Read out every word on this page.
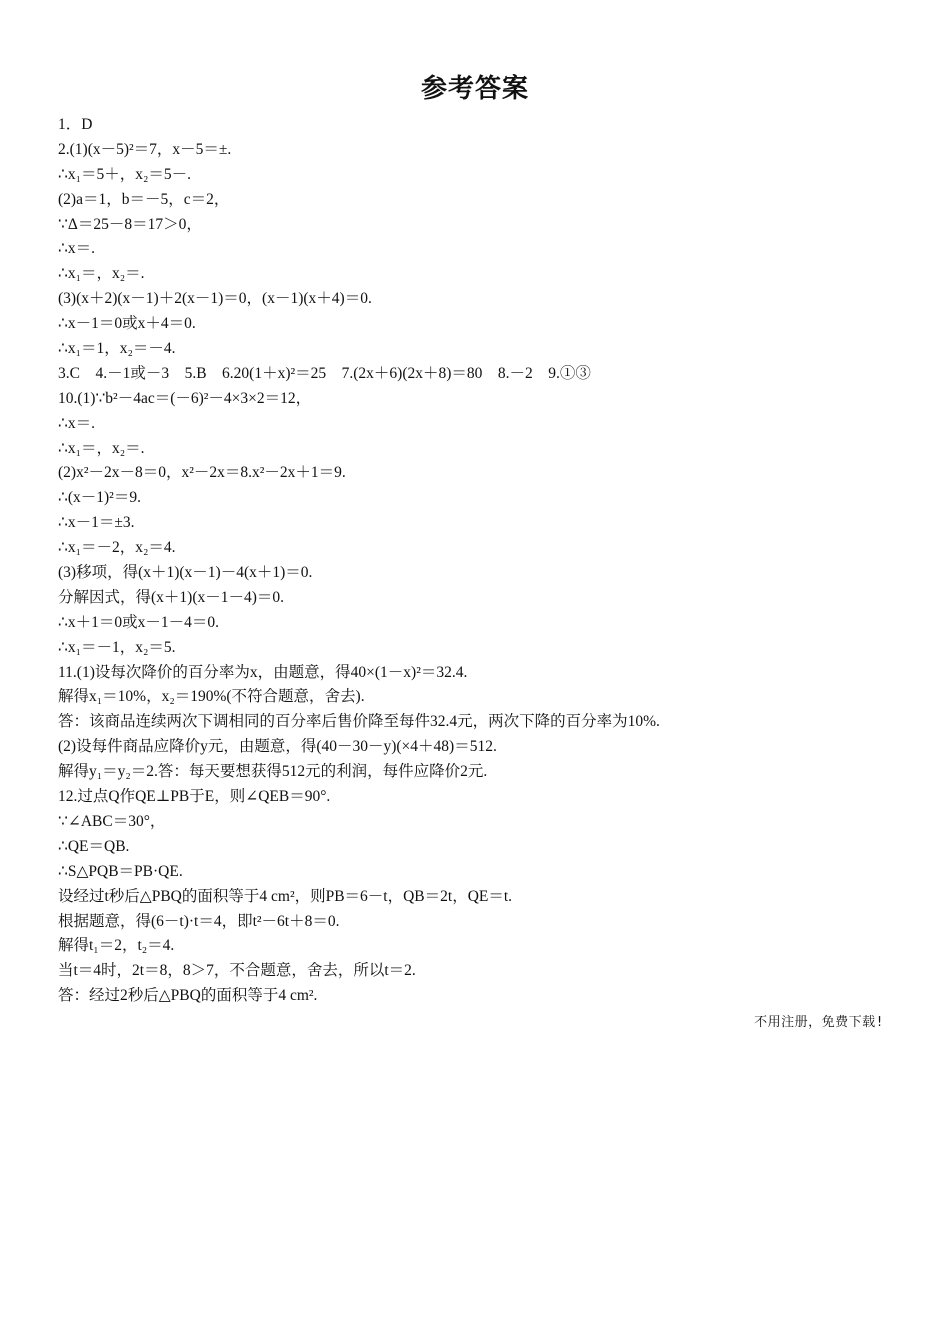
参考答案
1．D
2.(1)(x－5)²＝7，x－5＝±.
∴x₁＝5＋，x₂＝5－.
(2)a＝1，b＝－5，c＝2，
∵Δ＝25－8＝17＞0，
∴x＝.
∴x₁＝，x₂＝.
(3)(x＋2)(x－1)＋2(x－1)＝0，(x－1)(x＋4)＝0.
∴x－1＝0或x＋4＝0.
∴x₁＝1，x₂＝－4.
3.C　4.－1或－3　5.B　6.20(1＋x)²＝25　7.(2x＋6)(2x＋8)＝80　8.－2　9.①③
10.(1)∵b²－4ac＝(－6)²－4×3×2＝12，
∴x＝.
∴x₁＝，x₂＝.
(2)x²－2x－8＝0，x²－2x＝8.x²－2x＋1＝9.
∴(x－1)²＝9.
∴x－1＝±3.
∴x₁＝－2，x₂＝4.
(3)移项，得(x＋1)(x－1)－4(x＋1)＝0.
分解因式，得(x＋1)(x－1－4)＝0.
∴x＋1＝0或x－1－4＝0.
∴x₁＝－1，x₂＝5.
11.(1)设每次降价的百分率为x，由题意，得40×(1－x)²＝32.4.
解得x₁＝10%，x₂＝190%(不符合题意，舍去).
答：该商品连续两次下调相同的百分率后售价降至每件32.4元，两次下降的百分率为10%.
(2)设每件商品应降价y元，由题意，得(40－30－y)(×4＋48)＝512.
解得y₁＝y₂＝2.答：每天要想获得512元的利润，每件应降价2元.
12.过点Q作QE⊥PB于E，则∠QEB＝90°.
∵∠ABC＝30°，
∴QE＝QB.
∴S△PQB＝PB·QE.
设经过t秒后△PBQ的面积等于4 cm²，则PB＝6－t，QB＝2t，QE＝t.
根据题意，得(6－t)·t＝4，即t²－6t＋8＝0.
解得t₁＝2，t₂＝4.
当t＝4时，2t＝8，8＞7，不合题意，舍去，所以t＝2.
答：经过2秒后△PBQ的面积等于4 cm².
不用注册，免费下载!
